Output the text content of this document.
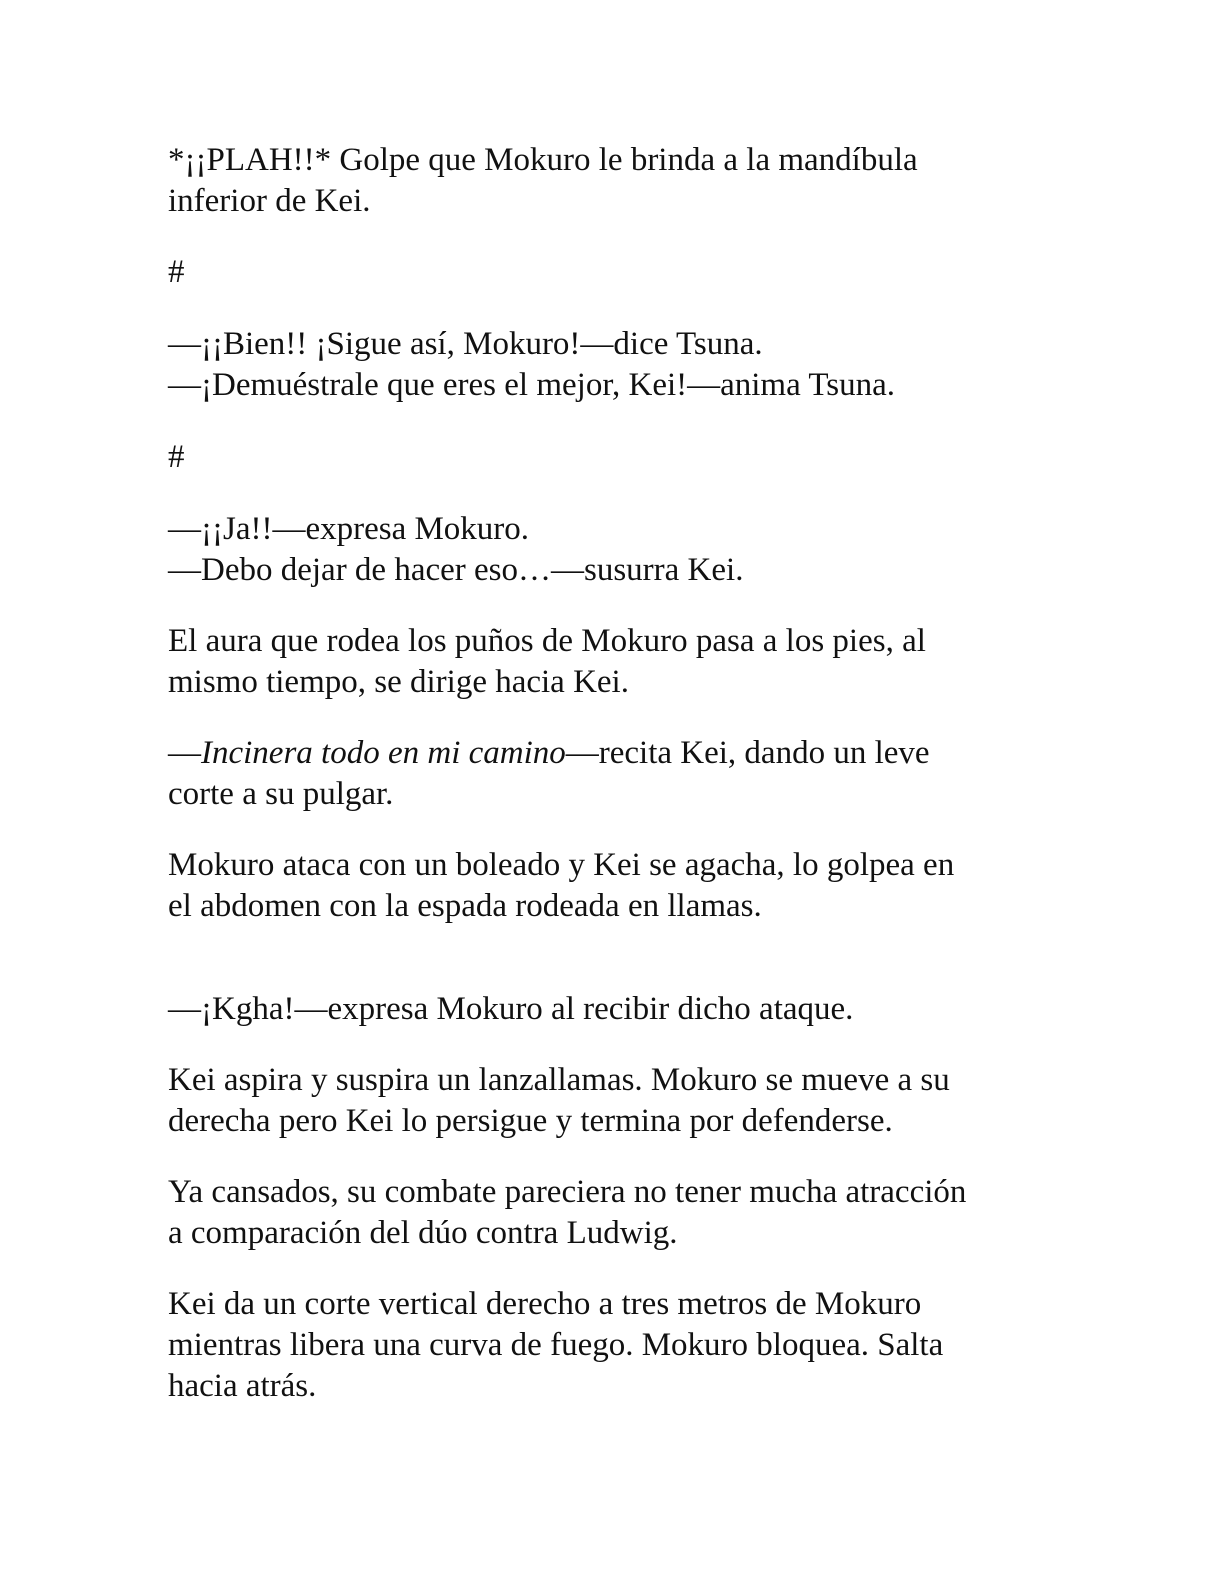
*¡¡PLAH!!* Golpe que Mokuro le brinda a la mandíbula
inferior de Kei.

#

—¡¡Bien!! ¡Sigue así, Mokuro!—dice Tsuna.
—¡Demuéstrale que eres el mejor, Kei!—anima Tsuna.

#

—¡¡Ja!!—expresa Mokuro.
—Debo dejar de hacer eso…—susurra Kei.

El aura que rodea los puños de Mokuro pasa a los pies, al
mismo tiempo, se dirige hacia Kei.

—Incinera todo en mi camino—recita Kei, dando un leve
corte a su pulgar.

Mokuro ataca con un boleado y Kei se agacha, lo golpea en
el abdomen con la espada rodeada en llamas.

—¡Kgha!—expresa Mokuro al recibir dicho ataque.

Kei aspira y suspira un lanzallamas. Mokuro se mueve a su
derecha pero Kei lo persigue y termina por defenderse.

Ya cansados, su combate pareciera no tener mucha atracción
a comparación del dúo contra Ludwig.

Kei da un corte vertical derecho a tres metros de Mokuro
mientras libera una curva de fuego. Mokuro bloquea. Salta
hacia atrás.
